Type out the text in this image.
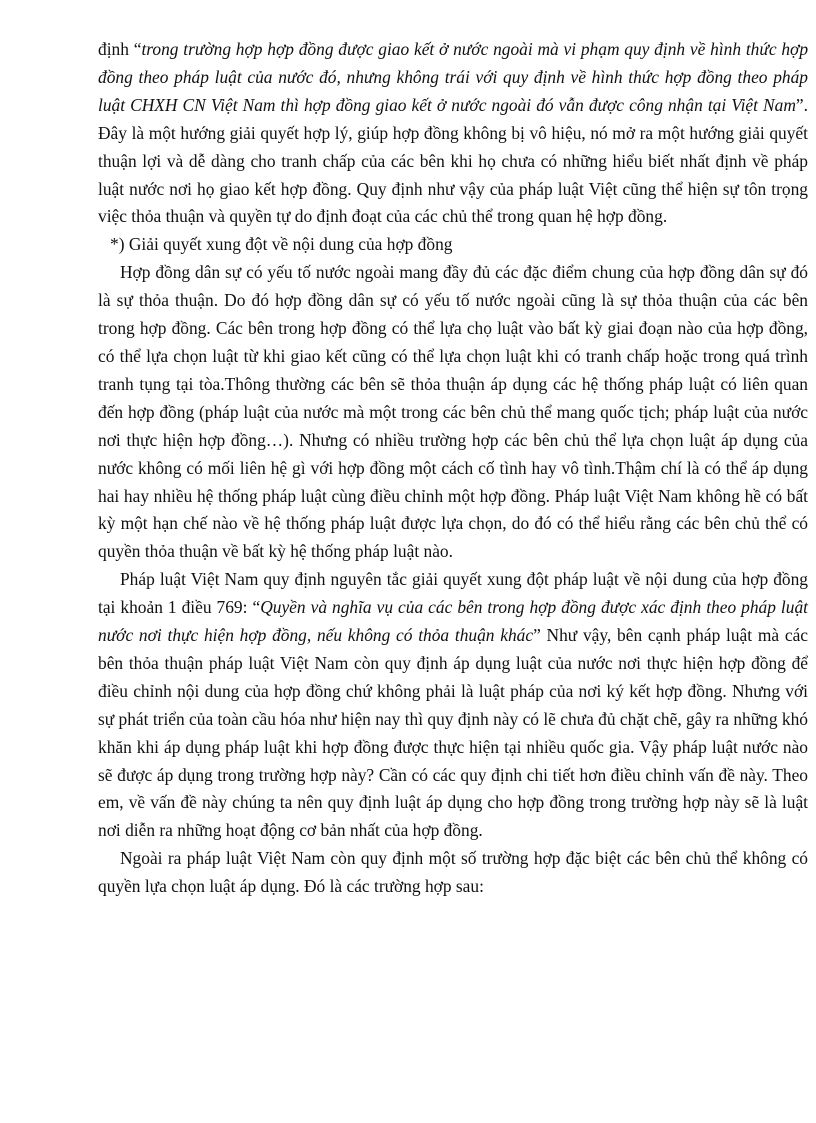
định “trong trường hợp hợp đồng được giao kết ở nước ngoài mà vi phạm quy định về hình thức hợp đồng theo pháp luật của nước đó, nhưng không trái với quy định về hình thức hợp đồng theo pháp luật CHXH CN Việt Nam thì hợp đồng giao kết ở nước ngoài đó vẫn được công nhận tại Việt Nam”. Đây là một hướng giải quyết hợp lý, giúp hợp đồng không bị vô hiệu, nó mở ra một hướng giải quyết thuận lợi và dễ dàng cho tranh chấp của các bên khi họ chưa có những hiểu biết nhất định về pháp luật nước nơi họ giao kết hợp đồng. Quy định như vậy của pháp luật Việt cũng thể hiện sự tôn trọng việc thỏa thuận và quyền tự do định đoạt của các chủ thể trong quan hệ hợp đồng.

*) Giải quyết xung đột về nội dung của hợp đồng

Hợp đồng dân sự có yếu tố nước ngoài mang đầy đủ các đặc điểm chung của hợp đồng dân sự đó là sự thỏa thuận. Do đó hợp đồng dân sự có yếu tố nước ngoài cũng là sự thỏa thuận của các bên trong hợp đồng. Các bên trong hợp đồng có thể lựa chọ luật vào bất kỳ giai đoạn nào của hợp đồng, có thể lựa chọn luật từ khi giao kết cũng có thể lựa chọn luật khi có tranh chấp hoặc trong quá trình tranh tụng tại tòa.Thông thường các bên sẽ thỏa thuận áp dụng các hệ thống pháp luật có liên quan đến hợp đồng (pháp luật của nước mà một trong các bên chủ thể mang quốc tịch; pháp luật của nước nơi thực hiện hợp đồng…). Nhưng có nhiều trường hợp các bên chủ thể lựa chọn luật áp dụng của nước không có mối liên hệ gì với hợp đồng một cách cố tình hay vô tình.Thậm chí là có thể áp dụng hai hay nhiều hệ thống pháp luật cùng điều chỉnh một hợp đồng. Pháp luật Việt Nam không hề có bất kỳ một hạn chế nào về hệ thống pháp luật được lựa chọn, do đó có thể hiểu rằng các bên chủ thể có quyền thỏa thuận về bất kỳ hệ thống pháp luật nào.

Pháp luật Việt Nam quy định nguyên tắc giải quyết xung đột pháp luật về nội dung của hợp đồng tại khoản 1 điều 769: “Quyền và nghĩa vụ của các bên trong hợp đồng được xác định theo pháp luật nước nơi thực hiện hợp đồng, nếu không có thỏa thuận khác” Như vậy, bên cạnh pháp luật mà các bên thỏa thuận pháp luật Việt Nam còn quy định áp dụng luật của nước nơi thực hiện hợp đồng để điều chỉnh nội dung của hợp đồng chứ không phải là luật pháp của nơi ký kết hợp đồng. Nhưng với sự phát triển của toàn cầu hóa như hiện nay thì quy định này có lẽ chưa đủ chặt chẽ, gây ra những khó khăn khi áp dụng pháp luật khi hợp đồng được thực hiện tại nhiều quốc gia. Vậy pháp luật nước nào sẽ được áp dụng trong trường hợp này? Cần có các quy định chi tiết hơn điều chỉnh vấn đề này. Theo em, về vấn đề này chúng ta nên quy định luật áp dụng cho hợp đồng trong trường hợp này sẽ là luật nơi diễn ra những hoạt động cơ bản nhất của hợp đồng.

Ngoài ra pháp luật Việt Nam còn quy định một số trường hợp đặc biệt các bên chủ thể không có quyền lựa chọn luật áp dụng. Đó là các trường hợp sau:
